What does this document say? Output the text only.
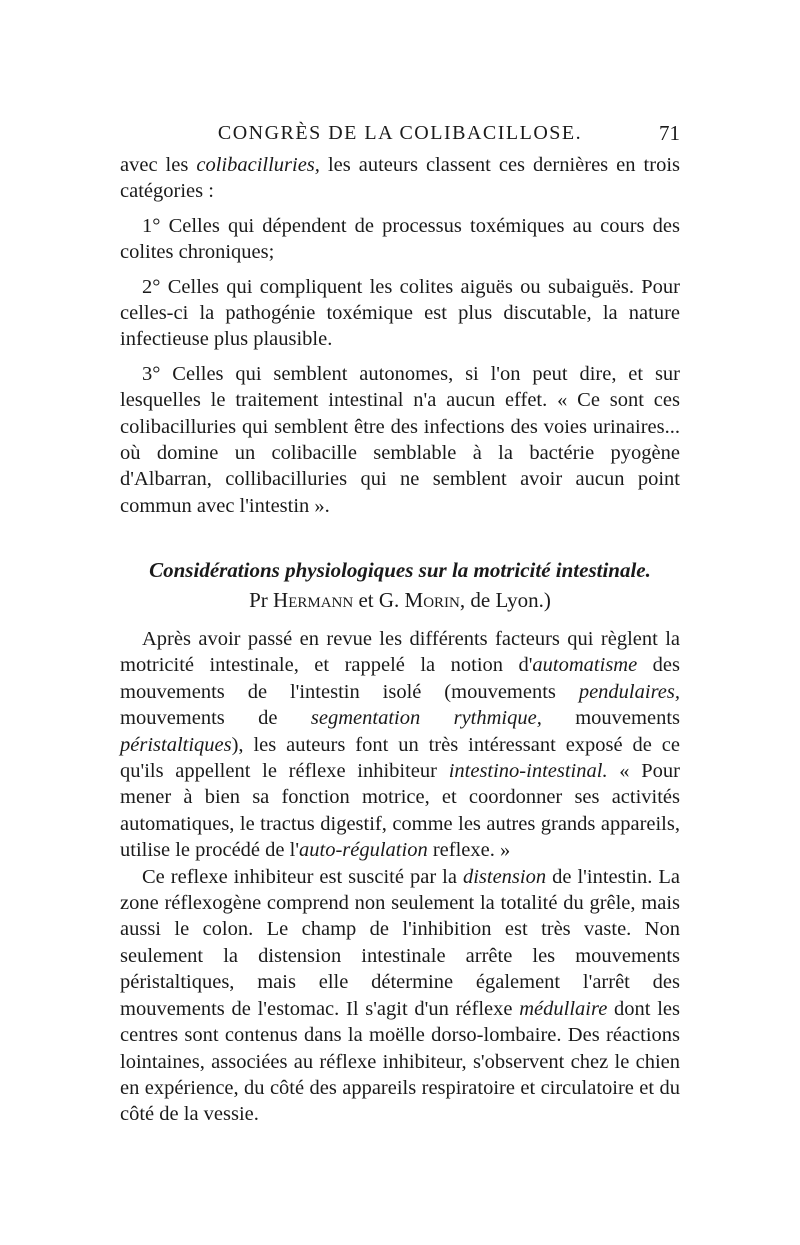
CONGRÈS DE LA COLIBACILLOSE.	71

avec les colibacilluries, les auteurs classent ces dernières en trois catégories :

1° Celles qui dépendent de processus toxémiques au cours des colites chroniques;

2° Celles qui compliquent les colites aiguës ou subaiguës. Pour celles-ci la pathogénie toxémique est plus discutable, la nature infectieuse plus plausible.

3° Celles qui semblent autonomes, si l'on peut dire, et sur lesquelles le traitement intestinal n'a aucun effet. « Ce sont ces colibacilluries qui semblent être des infections des voies urinaires... où domine un colibacille semblable à la bactérie pyogène d'Albarran, collibacilluries qui ne semblent avoir aucun point commun avec l'intestin ».

Considérations physiologiques sur la motricité intestinale.
Pr Hermann et G. Morin, de Lyon.)

Après avoir passé en revue les différents facteurs qui règlent la motricité intestinale, et rappelé la notion d'automatisme des mouvements de l'intestin isolé (mouvements pendulaires, mouvements de segmentation rythmique, mouvements péristaltiques), les auteurs font un très intéressant exposé de ce qu'ils appellent le réflexe inhibiteur intestino-intestinal. « Pour mener à bien sa fonction motrice, et coordonner ses activités automatiques, le tractus digestif, comme les autres grands appareils, utilise le procédé de l'auto-régulation reflexe. »

Ce reflexe inhibiteur est suscité par la distension de l'intestin. La zone réflexogène comprend non seulement la totalité du grêle, mais aussi le colon. Le champ de l'inhibition est très vaste. Non seulement la distension intestinale arrête les mouvements péristaltiques, mais elle détermine également l'arrêt des mouvements de l'estomac. Il s'agit d'un réflexe médullaire dont les centres sont contenus dans la moëlle dorso-lombaire. Des réactions lointaines, associées au réflexe inhibiteur, s'observent chez le chien en expérience, du côté des appareils respiratoire et circulatoire et du côté de la vessie.
